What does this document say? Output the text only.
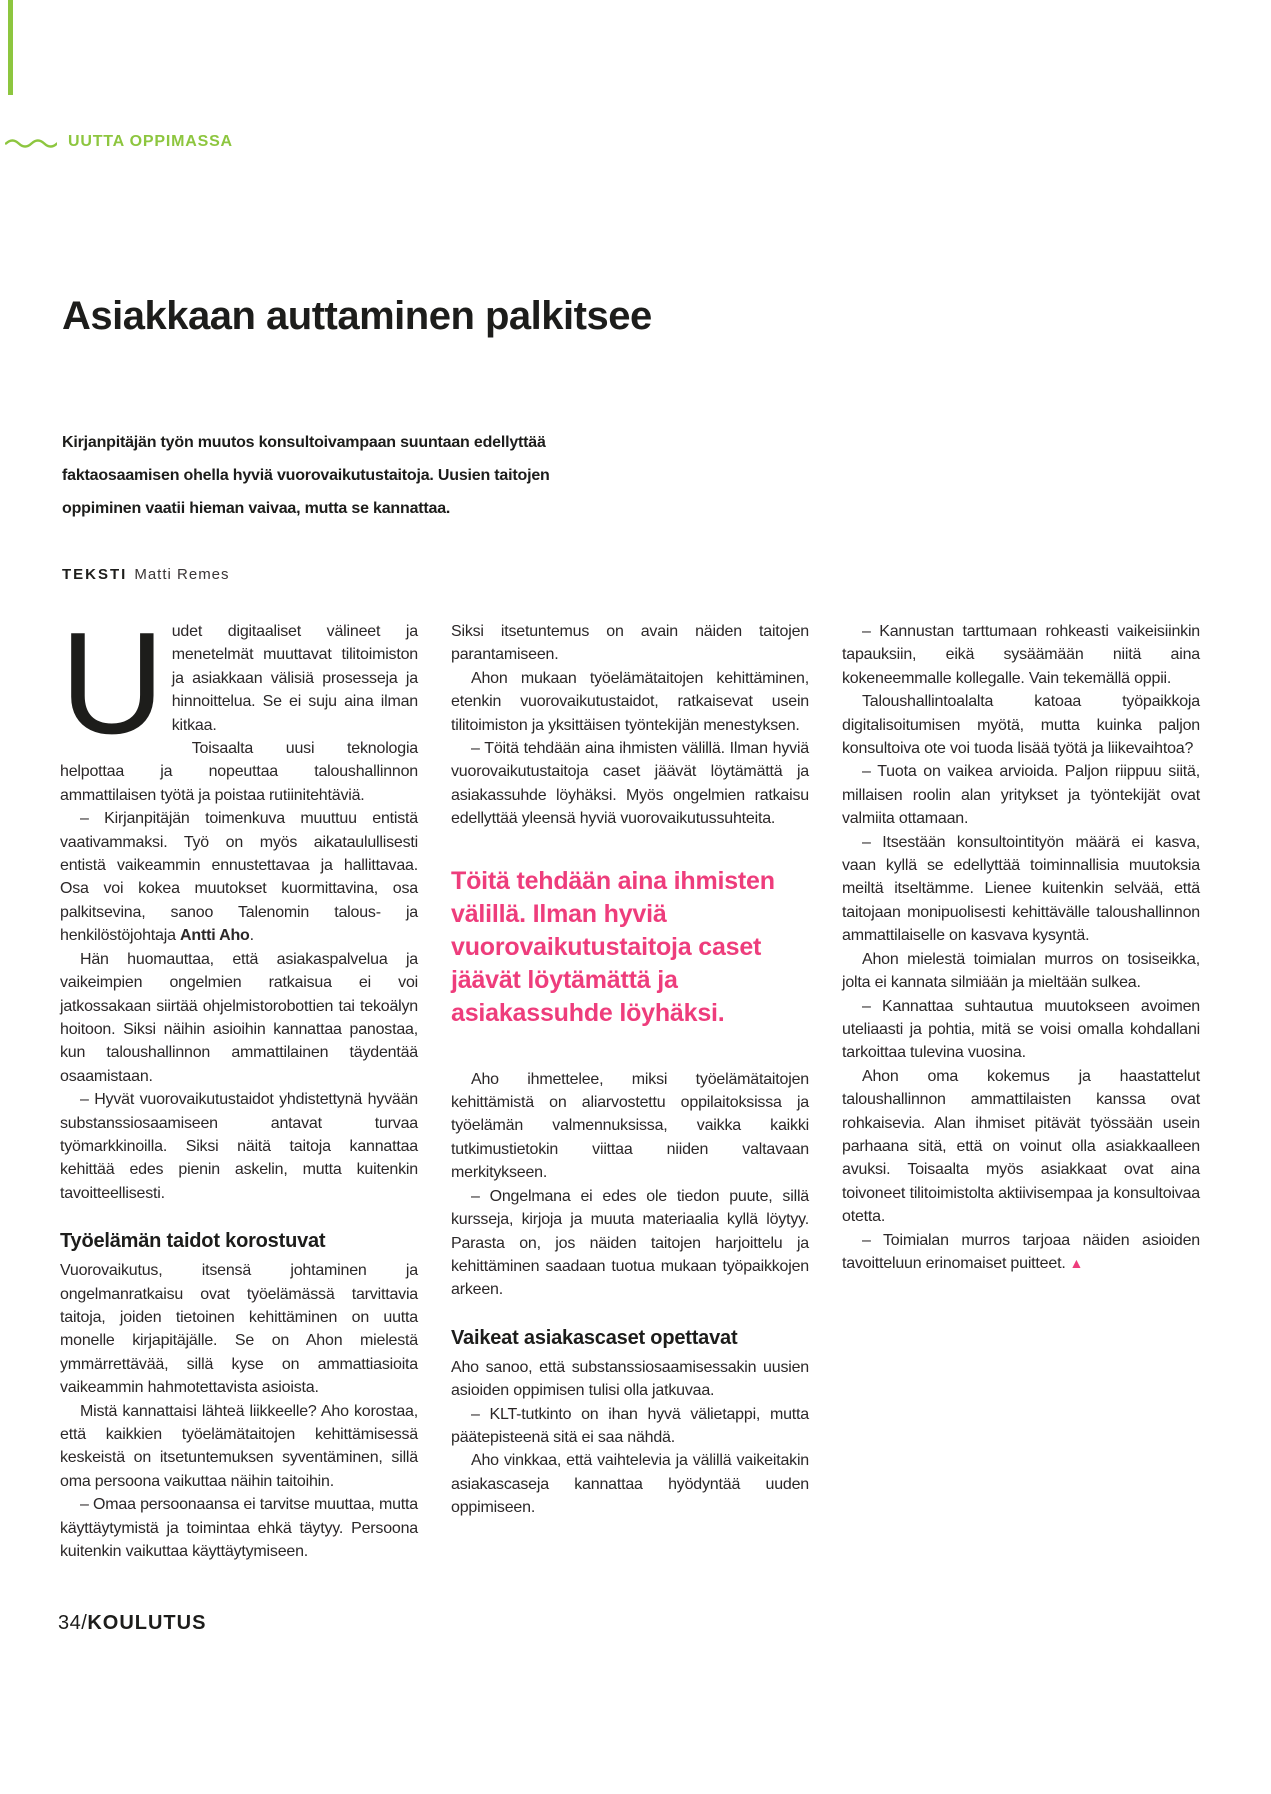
UUTTA OPPIMASSA
Asiakkaan auttaminen palkitsee

Kirjanpitäjän työn muutos konsultoivampaan suuntaan edellyttää faktaosaamisen ohella hyviä vuorovaikutustaitoja. Uusien taitojen oppiminen vaatii hieman vaivaa, mutta se kannattaa.

TEKSTI Matti Remes

Uudet digitaaliset välineet ja menetelmät muuttavat tilitoimiston ja asiakkaan välisiä prosesseja ja hinnoittelua. Se ei suju aina ilman kitkaa.

Toisaalta uusi teknologia helpottaa ja nopeuttaa taloushallinnon ammattilaisen työtä ja poistaa rutiinitehtäviä.

– Kirjanpitäjän toimenkuva muuttuu entistä vaativammaksi. Työ on myös aikataulullisesti entistä vaikeammin ennustettavaa ja hallittavaa. Osa voi kokea muutokset kuormittavina, osa palkitsevina, sanoo Talenomin talous- ja henkilöstöjohtaja Antti Aho.

Hän huomauttaa, että asiakaspalvelua ja vaikeimpien ongelmien ratkaisua ei voi jatkossakaan siirtää ohjelmistorobottien tai tekoälyn hoitoon. Siksi näihin asioihin kannattaa panostaa, kun taloushallinnon ammattilainen täydentää osaamistaan.

– Hyvät vuorovaikutustaidot yhdistettynä hyvään substanssiosaamiseen antavat turvaa työmarkkinoilla. Siksi näitä taitoja kannattaa kehittää edes pienin askelin, mutta kuitenkin tavoitteellisesti.

Työelämän taidot korostuvat

Vuorovaikutus, itsensä johtaminen ja ongelmanratkaisu ovat työelämässä tarvittavia taitoja, joiden tietoinen kehittäminen on uutta monelle kirjapitäjälle. Se on Ahon mielestä ymmärrettävää, sillä kyse on ammattiasioita vaikeammin hahmotettavista asioista.

Mistä kannattaisi lähteä liikkeelle? Aho korostaa, että kaikkien työelämätaitojen kehittämisessä keskeistä on itsetuntemuksen syventäminen, sillä oma persoona vaikuttaa näihin taitoihin.

– Omaa persoonaansa ei tarvitse muuttaa, mutta käyttäytymistä ja toimintaa ehkä täytyy. Persoona kuitenkin vaikuttaa käyttäytymiseen.

Siksi itsetuntemus on avain näiden taitojen parantamiseen.

Ahon mukaan työelämätaitojen kehittäminen, etenkin vuorovaikutustaidot, ratkaisevat usein tilitoimiston ja yksittäisen työntekijän menestyksen.

– Töitä tehdään aina ihmisten välillä. Ilman hyviä vuorovaikutustaitoja caset jäävät löytämättä ja asiakassuhde löyhäksi. Myös ongelmien ratkaisu edellyttää yleensä hyviä vuorovaikutussuhteita.

Töitä tehdään aina ihmisten välillä. Ilman hyviä vuorovaikutustaitoja caset jäävät löytämättä ja asiakassuhde löyhäksi.

Aho ihmettelee, miksi työelämätaitojen kehittämistä on aliarvostettu oppilaitoksissa ja työelämän valmennuksissa, vaikka kaikki tutkimustietokin viittaa niiden valtavaan merkitykseen.

– Ongelmana ei edes ole tiedon puute, sillä kursseja, kirjoja ja muuta materiaalia kyllä löytyy. Parasta on, jos näiden taitojen harjoittelu ja kehittäminen saadaan tuotua mukaan työpaikkojen arkeen.

Vaikeat asiakascaset opettavat

Aho sanoo, että substanssiosaamisessakin uusien asioiden oppimisen tulisi olla jatkuvaa.

– KLT-tutkinto on ihan hyvä välietappi, mutta päätepisteenä sitä ei saa nähdä.

Aho vinkkaa, että vaihtelevia ja välillä vaikeitakin asiakascaseja kannattaa hyödyntää uuden oppimiseen.

– Kannustan tarttumaan rohkeasti vaikeisiinkin tapauksiin, eikä sysäämään niitä aina kokeneemmalle kollegalle. Vain tekemällä oppii.

Taloushallintoalalta katoaa työpaikkoja digitalisoitumisen myötä, mutta kuinka paljon konsultoiva ote voi tuoda lisää työtä ja liikevaihtoa?

– Tuota on vaikea arvioida. Paljon riippuu siitä, millaisen roolin alan yritykset ja työntekijät ovat valmiita ottamaan.

– Itsestään konsultointityön määrä ei kasva, vaan kyllä se edellyttää toiminnallisia muutoksia meiltä itseltämme. Lienee kuitenkin selvää, että taitojaan monipuolisesti kehittävälle taloushallinnon ammattilaiselle on kasvava kysyntä.

Ahon mielestä toimialan murros on tosiseikka, jolta ei kannata silmiään ja mieltään sulkea.

– Kannattaa suhtautua muutokseen avoimen uteliaasti ja pohtia, mitä se voisi omalla kohdallani tarkoittaa tulevina vuosina.

Ahon oma kokemus ja haastattelut taloushallinnon ammattilaisten kanssa ovat rohkaisevia. Alan ihmiset pitävät työssään usein parhaana sitä, että on voinut olla asiakkaalleen avuksi. Toisaalta myös asiakkaat ovat aina toivoneet tilitoimistolta aktiivisempaa ja konsultoivaa otetta.

– Toimialan murros tarjoaa näiden asioiden tavoitteluun erinomaiset puitteet. ▲

34/KOULUTUS
